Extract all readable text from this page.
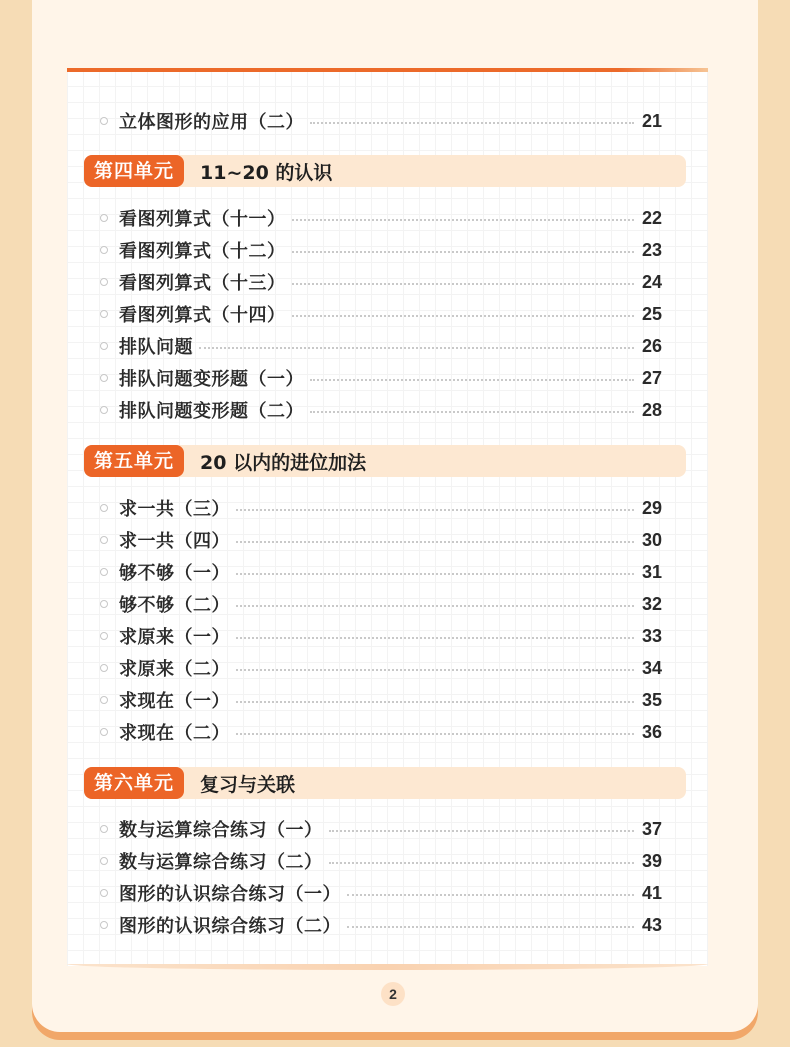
立体图形的应用（二）	21
第四单元	11~20 的认识
看图列算式（十一）	22
看图列算式（十二）	23
看图列算式（十三）	24
看图列算式（十四）	25
排队问题	26
排队问题变形题（一）	27
排队问题变形题（二）	28
第五单元	20 以内的进位加法
求一共（三）	29
求一共（四）	30
够不够（一）	31
够不够（二）	32
求原来（一）	33
求原来（二）	34
求现在（一）	35
求现在（二）	36
第六单元	复习与关联
数与运算综合练习（一）	37
数与运算综合练习（二）	39
图形的认识综合练习（一）	41
图形的认识综合练习（二）	43
2
